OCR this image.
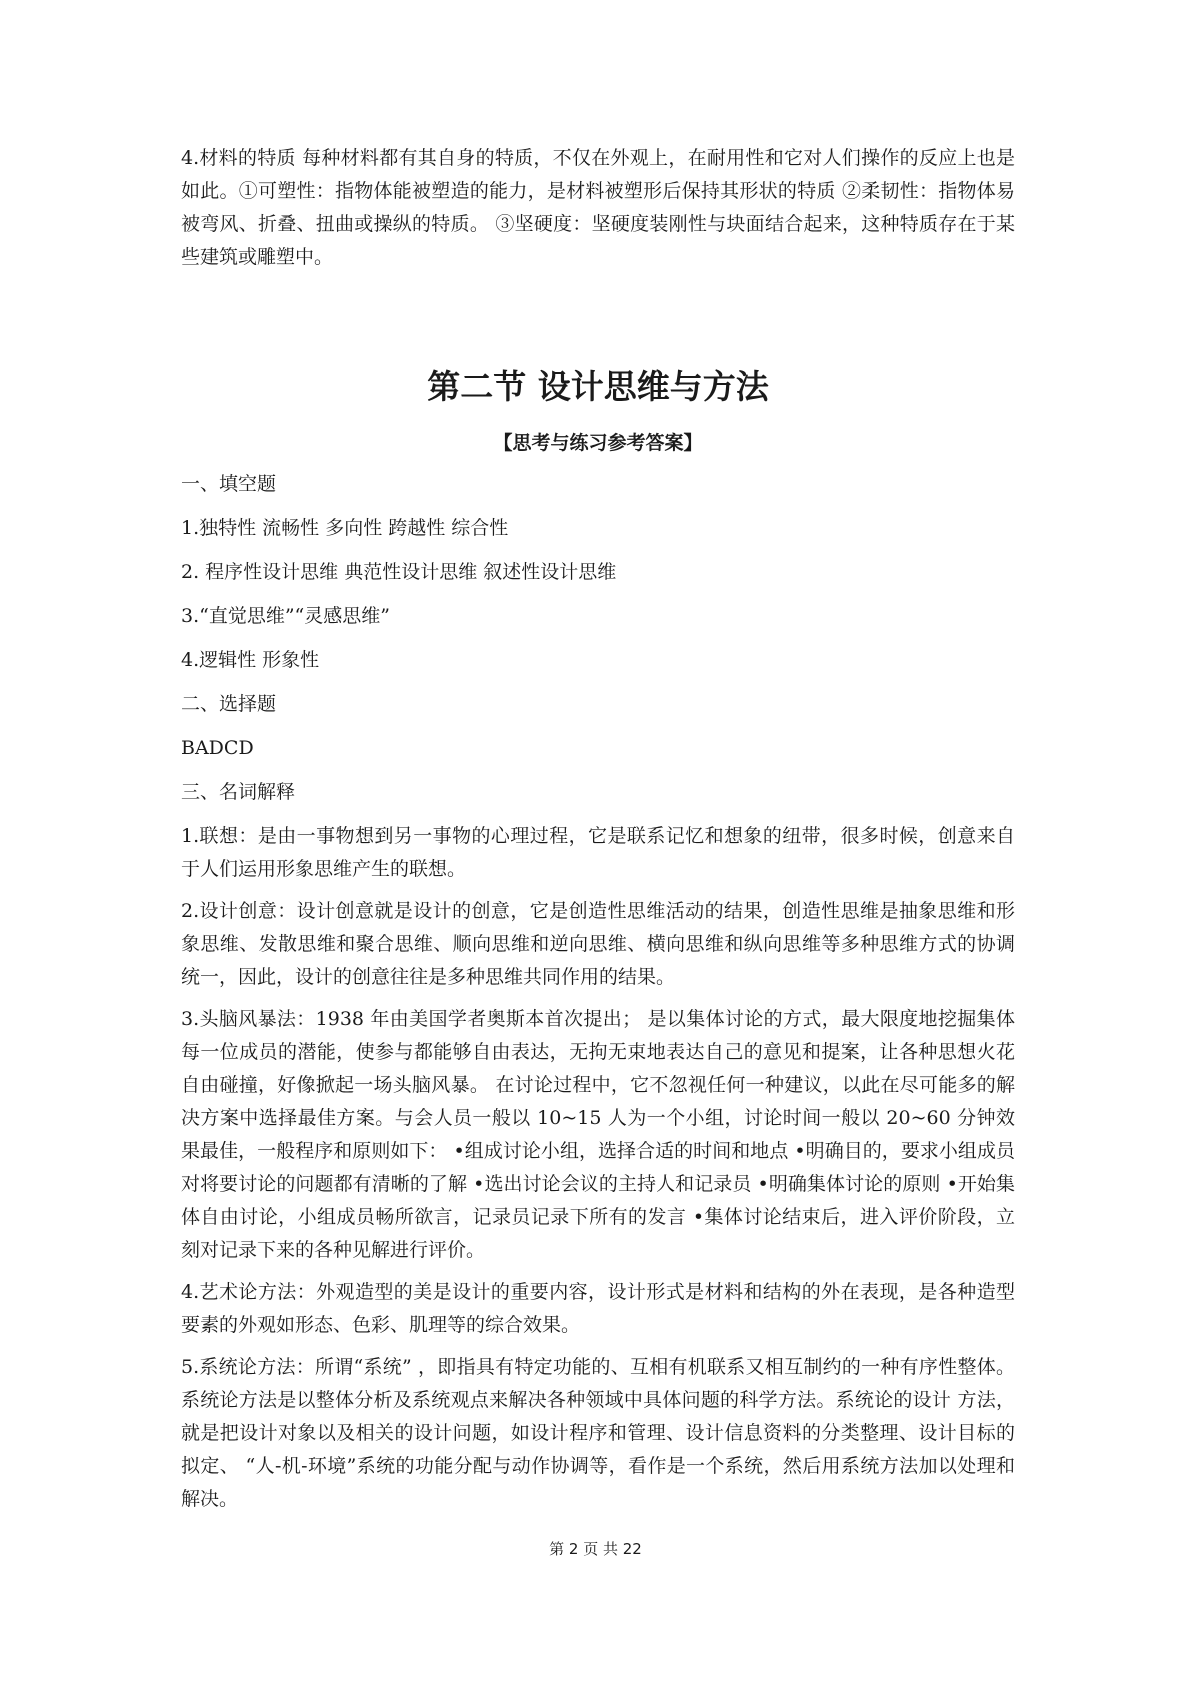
4.材料的特质 每种材料都有其自身的特质，不仅在外观上，在耐用性和它对人们操作的反应上也是如此。①可塑性：指物体能被塑造的能力，是材料被塑形后保持其形状的特质 ②柔韧性：指物体易被弯风、折叠、扭曲或操纵的特质。 ③坚硬度：坚硬度装刚性与块面结合起来，这种特质存在于某些建筑或雕塑中。

第二节 设计思维与方法
【思考与练习参考答案】
一、填空题
1.独特性 流畅性 多向性 跨越性 综合性
2. 程序性设计思维 典范性设计思维 叙述性设计思维
3.“直觉思维”“灵感思维”
4.逻辑性 形象性
二、选择题
BADCD
三、名词解释

1.联想：是由一事物想到另一事物的心理过程，它是联系记忆和想象的纽带，很多时候，创意来自于人们运用形象思维产生的联想。

2.设计创意：设计创意就是设计的创意，它是创造性思维活动的结果，创造性思维是抽象思维和形象思维、发散思维和聚合思维、顺向思维和逆向思维、横向思维和纵向思维等多种思维方式的协调统一，因此，设计的创意往往是多种思维共同作用的结果。

3.头脑风暴法：1938 年由美国学者奥斯本首次提出； 是以集体讨论的方式，最大限度地挖掘集体每一位成员的潜能，使参与都能够自由表达，无拘无束地表达自己的意见和提案，让各种思想火花自由碰撞，好像掀起一场头脑风暴。 在讨论过程中，它不忽视任何一种建议，以此在尽可能多的解决方案中选择最佳方案。与会人员一般以 10~15 人为一个小组，讨论时间一般以 20~60 分钟效果最佳，一般程序和原则如下： •组成讨论小组，选择合适的时间和地点 •明确目的，要求小组成员对将要讨论的问题都有清晰的了解 •选出讨论会议的主持人和记录员 •明确集体讨论的原则 •开始集体自由讨论，小组成员畅所欲言，记录员记录下所有的发言 •集体讨论结束后，进入评价阶段，立刻对记录下来的各种见解进行评价。

4.艺术论方法：外观造型的美是设计的重要内容，设计形式是材料和结构的外在表现，是各种造型要素的外观如形态、色彩、肌理等的综合效果。

5.系统论方法：所谓“系统” ，即指具有特定功能的、互相有机联系又相互制约的一种有序性整体。系统论方法是以整体分析及系统观点来解决各种领域中具体问题的科学方法。系统论的设计 方法，就是把设计对象以及相关的设计问题，如设计程序和管理、设计信息资料的分类整理、设计目标的拟定、 “人-机-环境”系统的功能分配与动作协调等，看作是一个系统，然后用系统方法加以处理和解决。

第 2 页 共 22
